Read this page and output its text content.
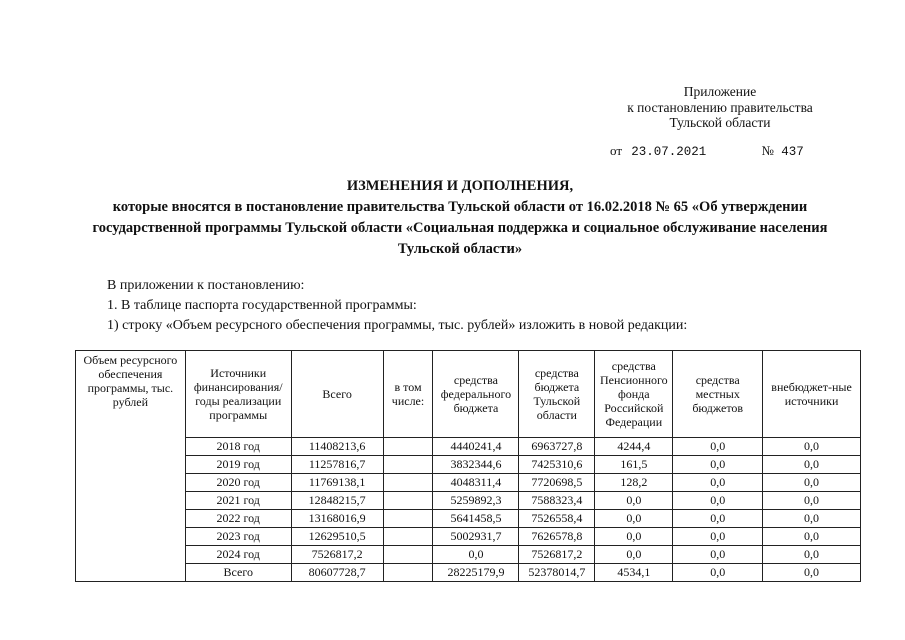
Приложение
к постановлению правительства
Тульской области
от 23.07.2021	№ 437
ИЗМЕНЕНИЯ И ДОПОЛНЕНИЯ,
которые вносятся в постановление правительства Тульской области от 16.02.2018 № 65 «Об утверждении
государственной программы Тульской области «Социальная поддержка и социальное обслуживание населения
Тульской области»
В приложении к постановлению:
1. В таблице паспорта государственной программы:
1) строку «Объем ресурсного обеспечения программы, тыс. рублей» изложить в новой редакции:
Объем ресурсного обеспечения программы, тыс. рублей	Источники финансирования/ годы реализации программы	Всего	в том числе:	средства федерального бюджета	средства бюджета Тульской области	средства Пенсионного фонда Российской Федерации	средства местных бюджетов	внебюджет-ные источники
	2018 год	11408213,6		4440241,4	6963727,8	4244,4	0,0	0,0
	2019 год	11257816,7		3832344,6	7425310,6	161,5	0,0	0,0
	2020 год	11769138,1		4048311,4	7720698,5	128,2	0,0	0,0
	2021 год	12848215,7		5259892,3	7588323,4	0,0	0,0	0,0
	2022 год	13168016,9		5641458,5	7526558,4	0,0	0,0	0,0
	2023 год	12629510,5		5002931,7	7626578,8	0,0	0,0	0,0
	2024 год	7526817,2		0,0	7526817,2	0,0	0,0	0,0
	Всего	80607728,7		28225179,9	52378014,7	4534,1	0,0	0,0
